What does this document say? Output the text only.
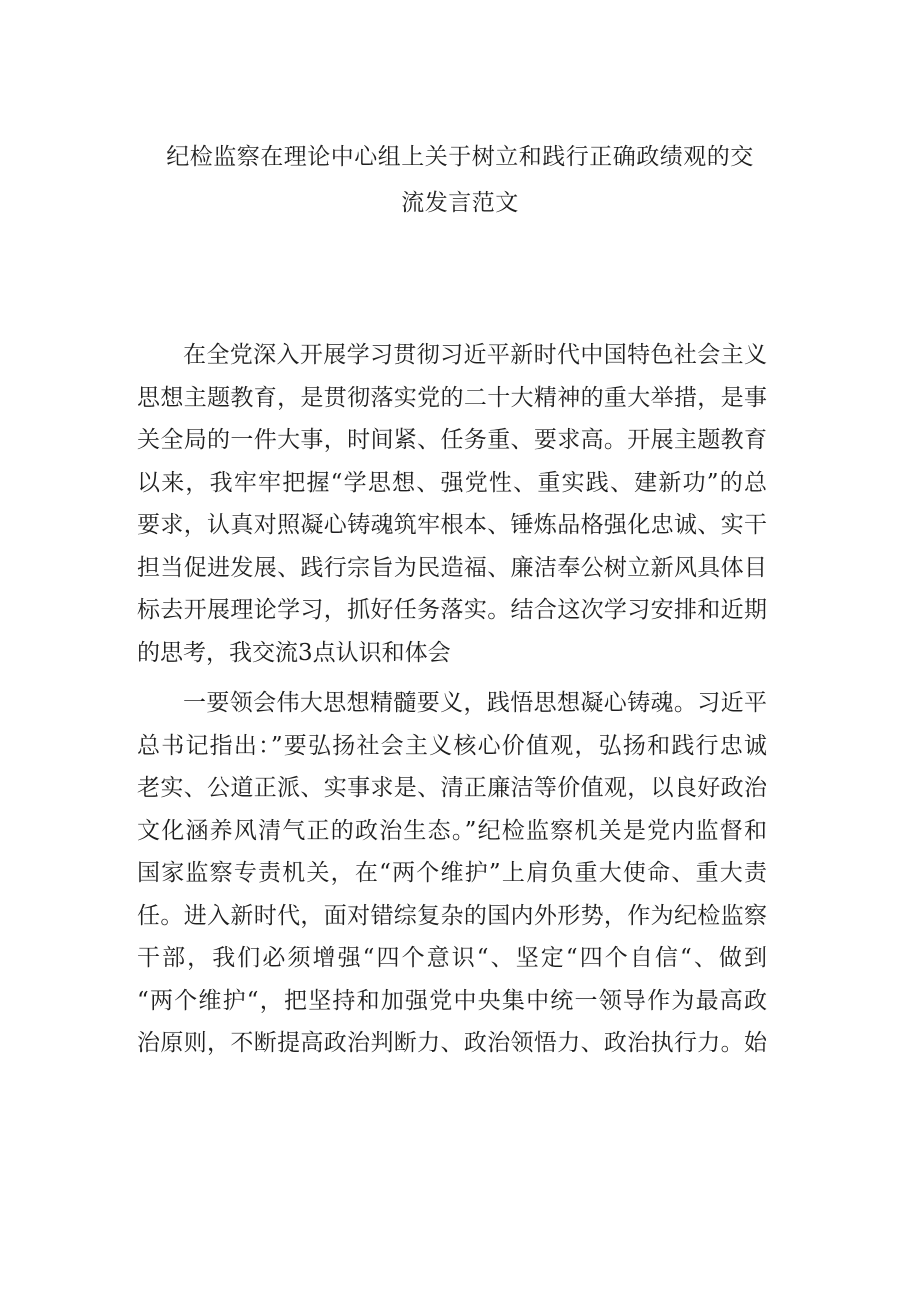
纪检监察在理论中心组上关于树立和践行正确政绩观的交
流发言范文
在全党深入开展学习贯彻习近平新时代中国特色社会主义
思想主题教育，是贯彻落实党的二十大精神的重大举措，是事
关全局的一件大事，时间紧、任务重、要求高。开展主题教育
以来，我牢牢把握“学思想、强党性、重实践、建新功”的总
要求，认真对照凝心铸魂筑牢根本、锤炼品格强化忠诚、实干
担当促进发展、践行宗旨为民造福、廉洁奉公树立新风具体目
标去开展理论学习，抓好任务落实。结合这次学习安排和近期
的思考，我交流3点认识和体会
一要领会伟大思想精髓要义，践悟思想凝心铸魂。习近平
总书记指出：”要弘扬社会主义核心价值观，弘扬和践行忠诚
老实、公道正派、实事求是、清正廉洁等价值观，以良好政治
文化涵养风清气正的政治生态。”纪检监察机关是党内监督和
国家监察专责机关，在“两个维护”上肩负重大使命、重大责
任。进入新时代，面对错综复杂的国内外形势，作为纪检监察
干部，我们必须增强“四个意识“、坚定“四个自信“、做到
“两个维护“，把坚持和加强党中央集中统一领导作为最高政
治原则，不断提高政治判断力、政治领悟力、政治执行力。始
